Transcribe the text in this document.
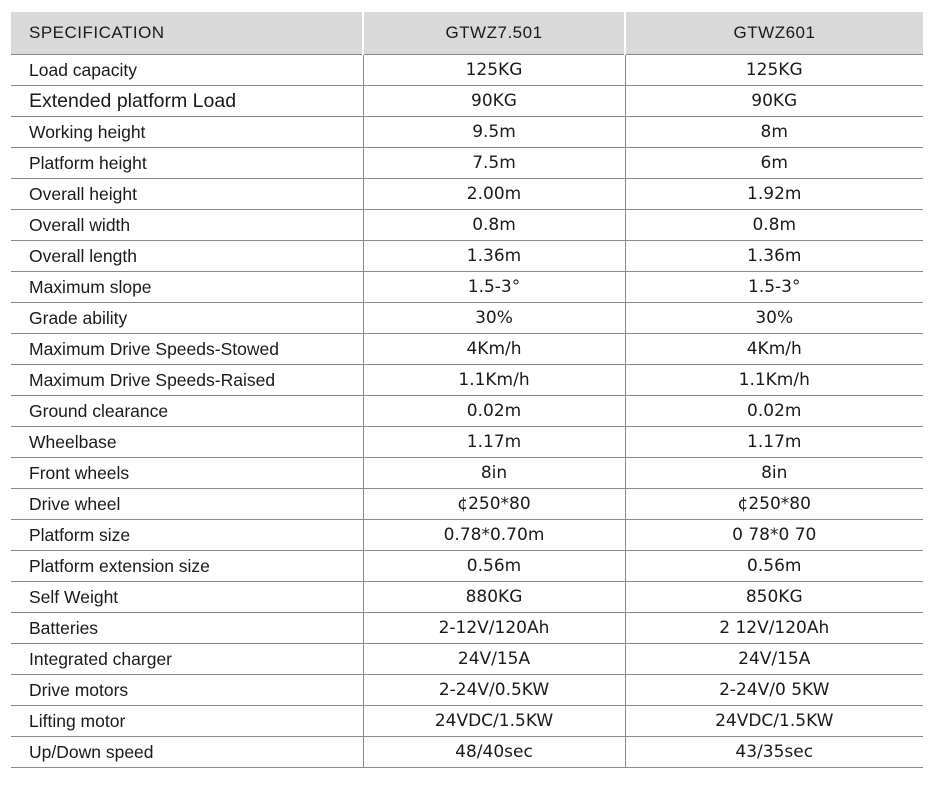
SPECIFICATION	GTWZ7.501	GTWZ601
Load capacity	125KG	125KG
Extended platform Load	90KG	90KG
Working height	9.5m	8m
Platform height	7.5m	6m
Overall height	2.00m	1.92m
Overall width	0.8m	0.8m
Overall length	1.36m	1.36m
Maximum slope	1.5-3°	1.5-3°
Grade ability	30%	30%
Maximum Drive Speeds-Stowed	4Km/h	4Km/h
Maximum Drive Speeds-Raised	1.1Km/h	1.1Km/h
Ground clearance	0.02m	0.02m
Wheelbase	1.17m	1.17m
Front wheels	8in	8in
Drive wheel	¢250*80	¢250*80
Platform size	0.78*0.70m	0 78*0 70
Platform extension size	0.56m	0.56m
Self Weight	880KG	850KG
Batteries	2-12V/120Ah	2 12V/120Ah
Integrated charger	24V/15A	24V/15A
Drive motors	2-24V/0.5KW	2-24V/0 5KW
Lifting motor	24VDC/1.5KW	24VDC/1.5KW
Up/Down speed	48/40sec	43/35sec
